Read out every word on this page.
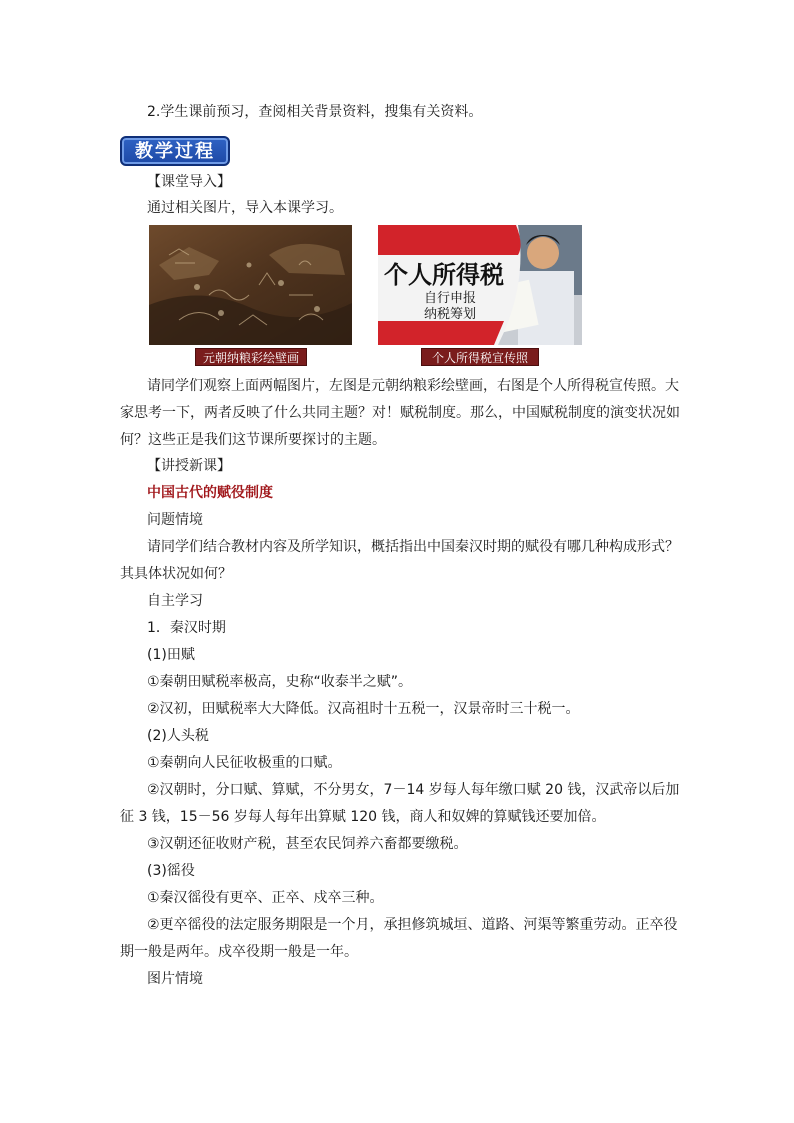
2.学生课前预习，查阅相关背景资料，搜集有关资料。
教学过程
【课堂导入】
通过相关图片，导入本课学习。
元朝纳粮彩绘壁画
个人所得税
自行申报
纳税筹划
个人所得税宣传照
请同学们观察上面两幅图片，左图是元朝纳粮彩绘壁画，右图是个人所得税宣传照。大
家思考一下，两者反映了什么共同主题？对！赋税制度。那么，中国赋税制度的演变状况如
何？这些正是我们这节课所要探讨的主题。
【讲授新课】
中国古代的赋役制度
问题情境
请同学们结合教材内容及所学知识，概括指出中国秦汉时期的赋役有哪几种构成形式？
其具体状况如何？
自主学习
1．秦汉时期
(1)田赋
①秦朝田赋税率极高，史称“收泰半之赋”。
②汉初，田赋税率大大降低。汉高祖时十五税一，汉景帝时三十税一。
(2)人头税
①秦朝向人民征收极重的口赋。
②汉朝时，分口赋、算赋，不分男女，7－14 岁每人每年缴口赋 20 钱，汉武帝以后加
征 3 钱，15－56 岁每人每年出算赋 120 钱，商人和奴婢的算赋钱还要加倍。
③汉朝还征收财产税，甚至农民饲养六畜都要缴税。
(3)徭役
①秦汉徭役有更卒、正卒、戍卒三种。
②更卒徭役的法定服务期限是一个月，承担修筑城垣、道路、河渠等繁重劳动。正卒役
期一般是两年。戍卒役期一般是一年。
图片情境
